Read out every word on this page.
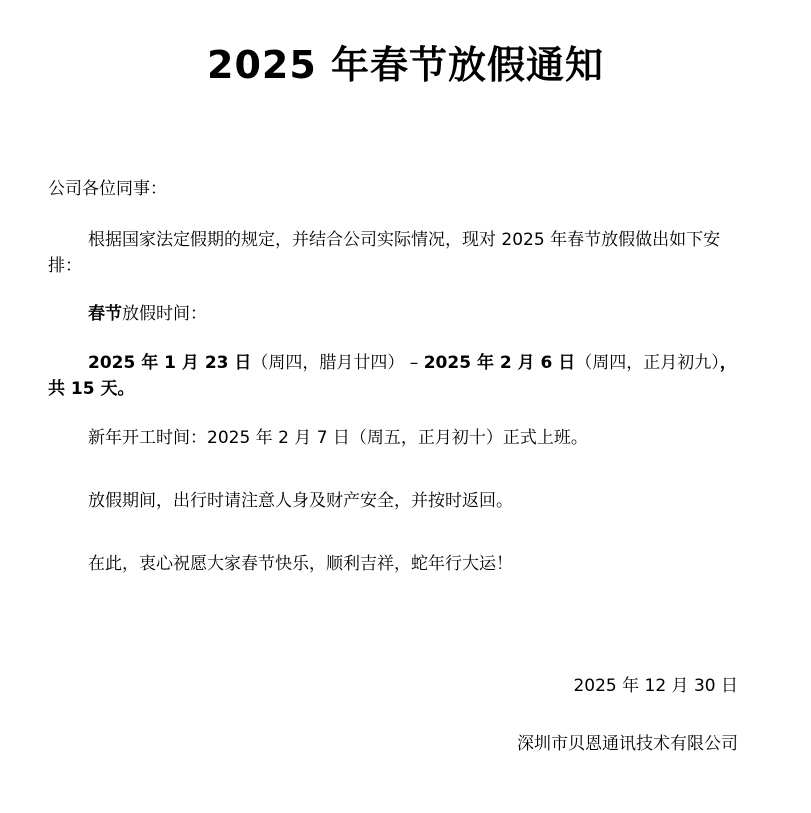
2025 年春节放假通知

公司各位同事：

根据国家法定假期的规定，并结合公司实际情况，现对 2025 年春节放假做出如下安排：

春节放假时间：

2025 年 1 月 23 日（周四，腊月廿四） – 2025 年 2 月 6 日（周四，正月初九），共 15 天。

新年开工时间：2025 年 2 月 7 日（周五，正月初十）正式上班。

放假期间，出行时请注意人身及财产安全，并按时返回。

在此，衷心祝愿大家春节快乐，顺利吉祥，蛇年行大运！

2025 年 12 月 30 日

深圳市贝恩通讯技术有限公司
